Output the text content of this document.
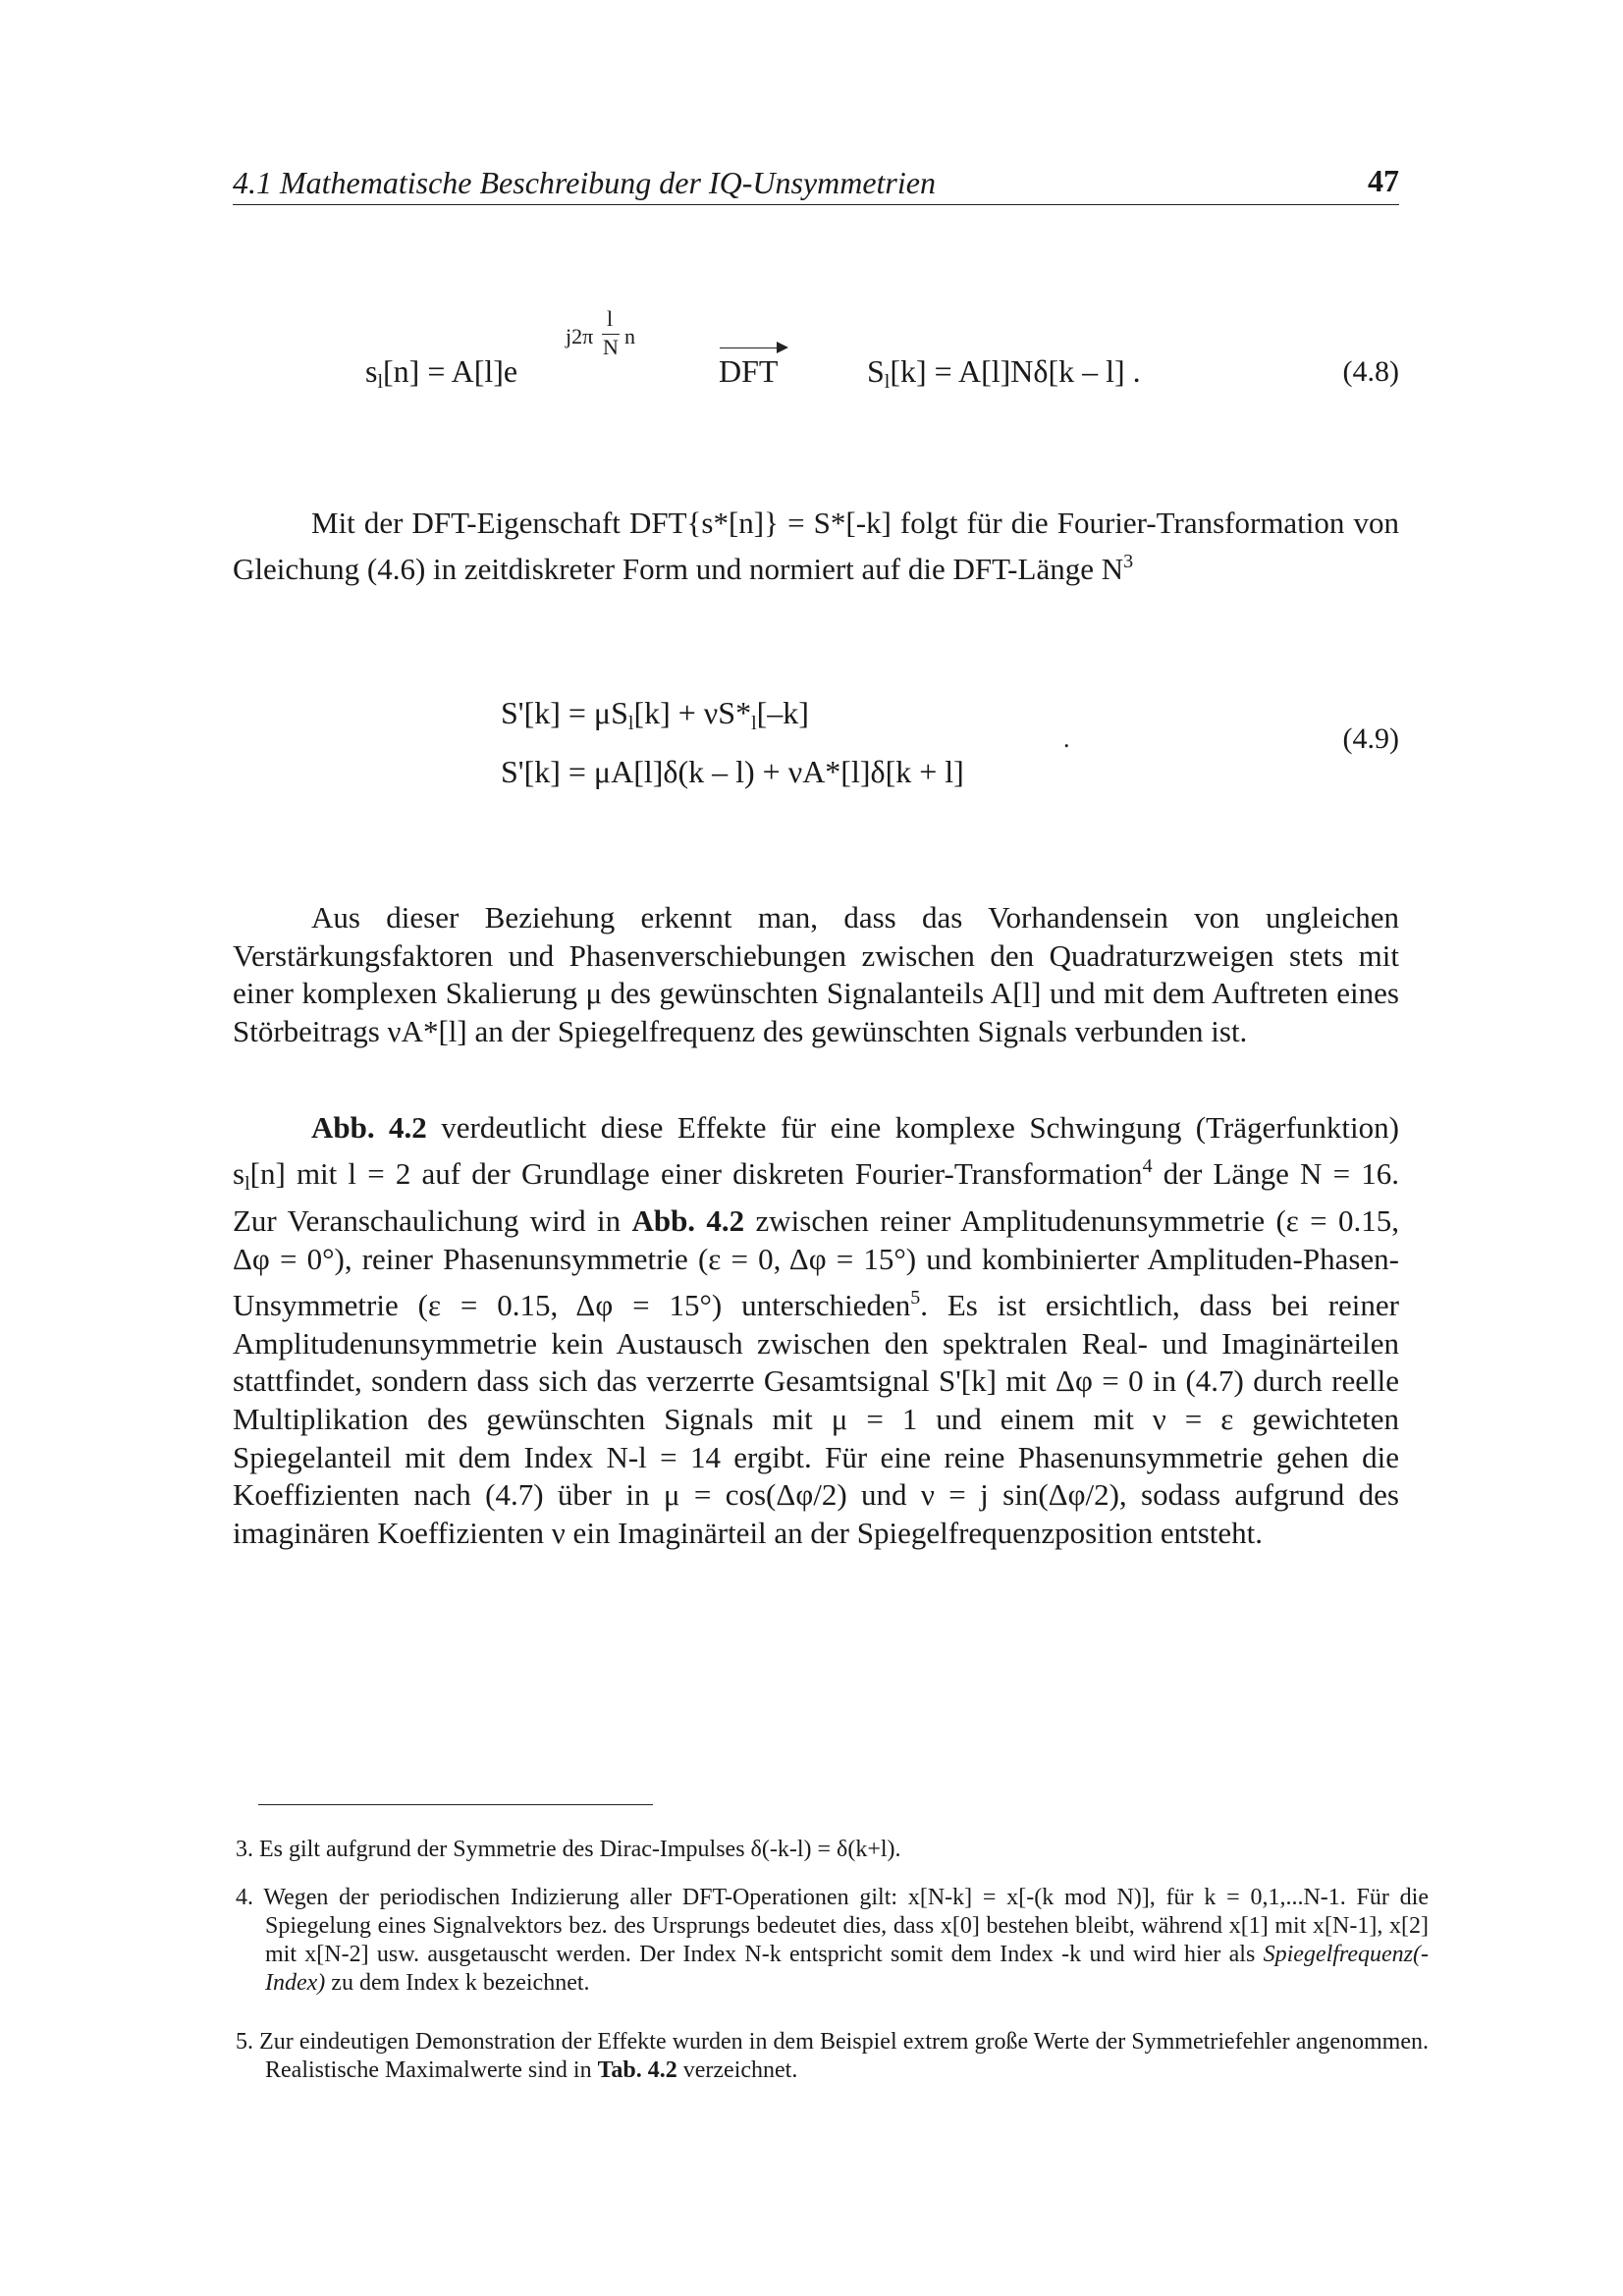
4.1 Mathematische Beschreibung der IQ-Unsymmetrien	47
$s_l[n] = A[l]e$
j2π
l
N n
DFT	$S_l[k] = A[l]N\delta[k - l]$ .	(4.8)
Mit der DFT-Eigenschaft DFT{s*[n]} = S*[-k] folgt für die Fourier-Transformation von Gleichung (4.6) in zeitdiskreter Form und normiert auf die DFT-Länge $N^3$
$S'[k] = \mu S_l[k] + \nu S*_l[-k]$
S'[k] = μA[l]δ(k – l) + νA*[l]δ[k + l]
.	(4.9)
Aus dieser Beziehung erkennt man, dass das Vorhandensein von ungleichen Verstärkungsfaktoren und Phasenverschiebungen zwischen den Quadraturzweigen stets mit einer komplexen Skalierung μ des gewünschten Signalanteils A[l] und mit dem Auftreten eines Störbeitrags νA*[l] an der Spiegelfrequenz des gewünschten Signals verbunden ist.
Abb. 4.2 verdeutlicht diese Effekte für eine komplexe Schwingung (Trägerfunktion) $s_l[n]$ mit l = 2 auf der Grundlage einer diskreten Fourier-Transformation$^4$ der Länge N = 16. Zur Veranschaulichung wird in Abb. 4.2 zwischen reiner Amplitudenunsymmetrie (ε = 0.15, Δφ = 0°), reiner Phasenunsymmetrie (ε = 0, Δφ = 15°) und kombinierter Amplituden-Phasen-Unsymmetrie (ε = 0.15, Δφ = 15°) unterschieden$^5$. Es ist ersichtlich, dass bei reiner Amplitudenunsymmetrie kein Austausch zwischen den spektralen Real- und Imaginärteilen stattfindet, sondern dass sich das verzerrte Gesamtsignal S'[k] mit Δφ = 0 in (4.7) durch reelle Multiplikation des gewünschten Signals mit μ = 1 und einem mit ν = ε gewichteten Spiegelanteil mit dem Index N-l = 14 ergibt. Für eine reine Phasenunsymmetrie gehen die Koeffizienten nach (4.7) über in μ = cos(Δφ/2) und ν = j sin(Δφ/2), sodass aufgrund des imaginären Koeffizienten ν ein Imaginärteil an der Spiegelfrequenzposition entsteht.
3. Es gilt aufgrund der Symmetrie des Dirac-Impulses δ(-k-l) = δ(k+l).
4. Wegen der periodischen Indizierung aller DFT-Operationen gilt: x[N-k] = x[-(k mod N)], für k = 0,1,...N-1. Für die Spiegelung eines Signalvektors bez. des Ursprungs bedeutet dies, dass x[0] bestehen bleibt, während x[1] mit x[N-1], x[2] mit x[N-2] usw. ausgetauscht werden. Der Index N-k entspricht somit dem Index -k und wird hier als Spiegelfrequenz(-Index) zu dem Index k bezeichnet.
5. Zur eindeutigen Demonstration der Effekte wurden in dem Beispiel extrem große Werte der Symmetriefehler angenommen. Realistische Maximalwerte sind in Tab. 4.2 verzeichnet.
